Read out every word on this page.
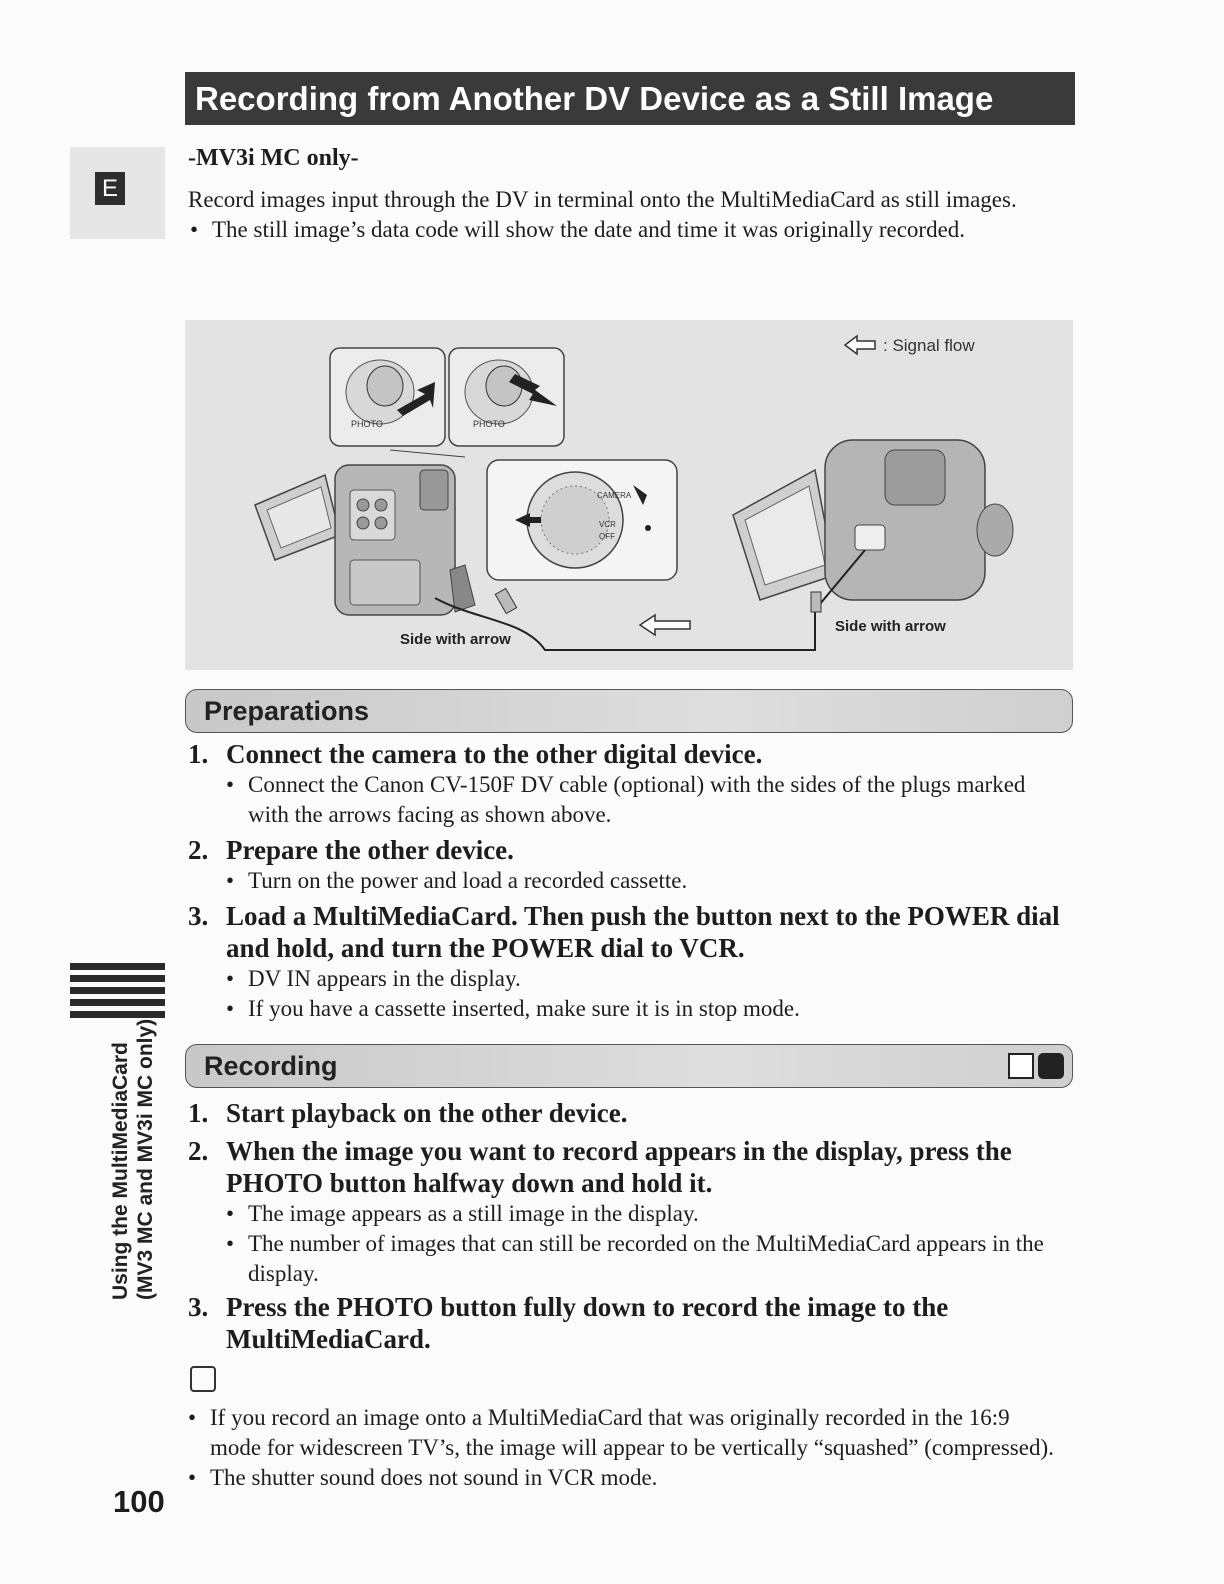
Recording from Another DV Device as a Still Image
E
-MV3i MC only-
Record images input through the DV in terminal onto the MultiMediaCard as still images.
• The still image’s data code will show the date and time it was originally recorded.
: Signal flow
PHOTO	PHOTO
CAMERA
VCR
OFF
Side with arrow
Side with arrow
Preparations
1. Connect the camera to the other digital device.
• Connect the Canon CV-150F DV cable (optional) with the sides of the plugs marked with the arrows facing as shown above.
2. Prepare the other device.
• Turn on the power and load a recorded cassette.
3. Load a MultiMediaCard. Then push the button next to the POWER dial and hold, and turn the POWER dial to VCR.
• DV IN appears in the display.
• If you have a cassette inserted, make sure it is in stop mode.
Recording
1. Start playback on the other device.
2. When the image you want to record appears in the display, press the PHOTO button halfway down and hold it.
• The image appears as a still image in the display.
• The number of images that can still be recorded on the MultiMediaCard appears in the display.
3. Press the PHOTO button fully down to record the image to the MultiMediaCard.
• If you record an image onto a MultiMediaCard that was originally recorded in the 16:9 mode for widescreen TV’s, the image will appear to be vertically “squashed” (compressed).
• The shutter sound does not sound in VCR mode.
Using the MultiMediaCard (MV3 MC and MV3i MC only)
100
